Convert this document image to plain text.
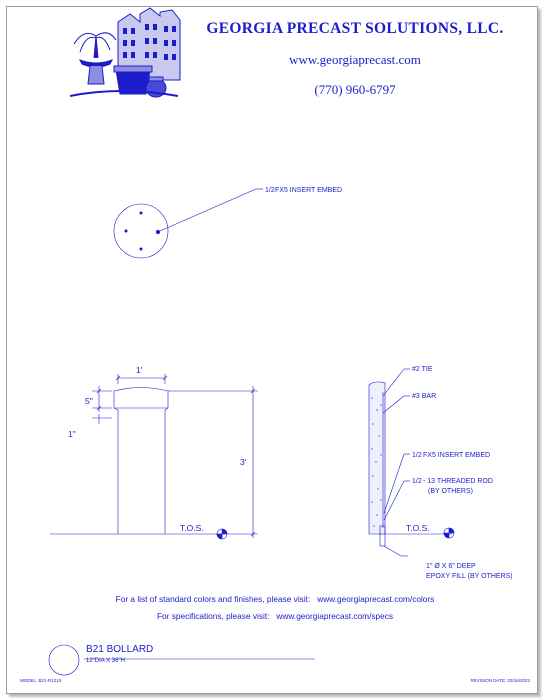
1/2 FX5 INSERT EMBED
1'
5"
1"
3'
T.O.S.
#2 TIE
#3 BAR
1/2 FX5 INSERT EMBED
1/2 - 13 THREADED ROD
(BY OTHERS)
T.O.S.
1" Ø X 6" DEEP
EPOXY FILL (BY OTHERS)
GEORGIA PRECAST SOLUTIONS, LLC.
www.georgiaprecast.com
(770) 960-6797
For a list of standard colors and finishes, please visit: www.georgiaprecast.com/colors
For specifications, please visit: www.georgiaprecast.com/specs
B21 BOLLARD
12"DIA X 36"H
MODEL: B21-R1210	REVISION DATE: 03/16/2022
